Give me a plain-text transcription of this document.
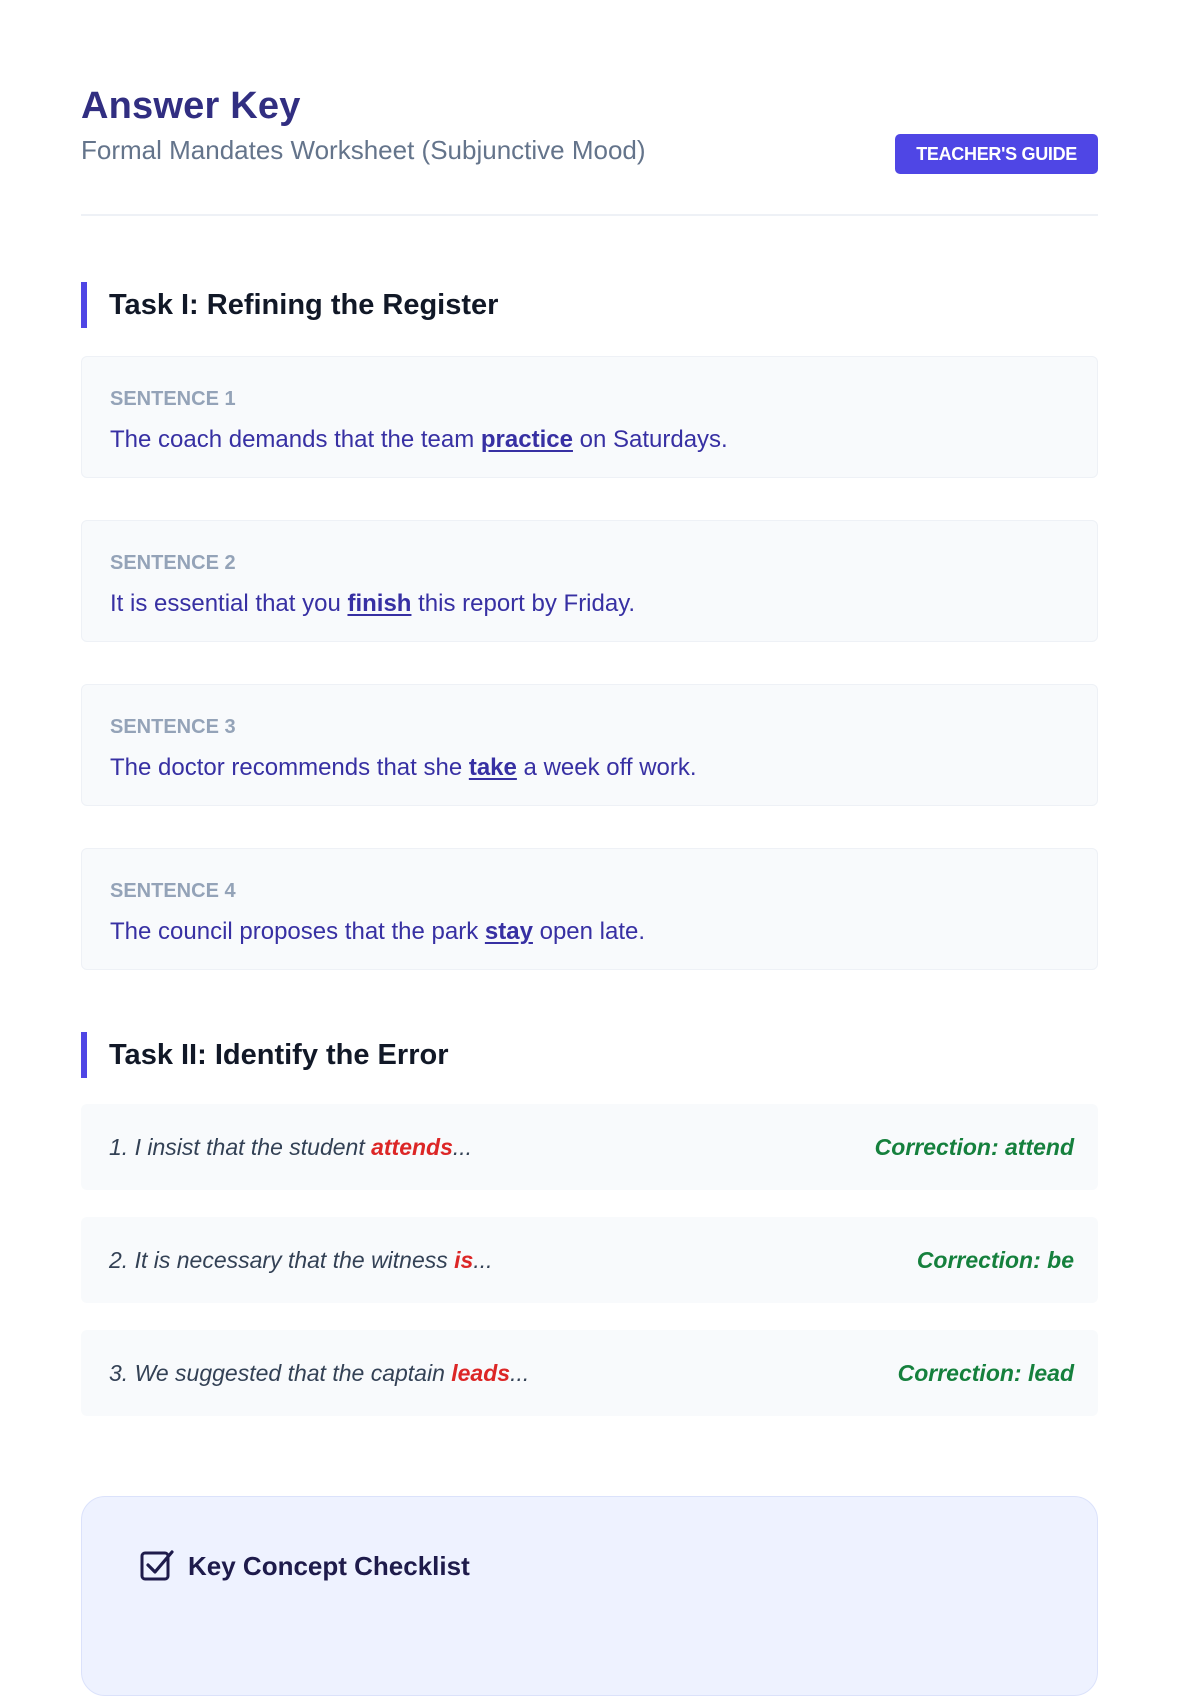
Answer Key
Formal Mandates Worksheet (Subjunctive Mood)	TEACHER'S GUIDE
Task I: Refining the Register
SENTENCE 1
The coach demands that the team practice on Saturdays.
SENTENCE 2
It is essential that you finish this report by Friday.
SENTENCE 3
The doctor recommends that she take a week off work.
SENTENCE 4
The council proposes that the park stay open late.
Task II: Identify the Error
1. I insist that the student attends...	Correction: attend
2. It is necessary that the witness is...	Correction: be
3. We suggested that the captain leads...	Correction: lead
Key Concept Checklist
